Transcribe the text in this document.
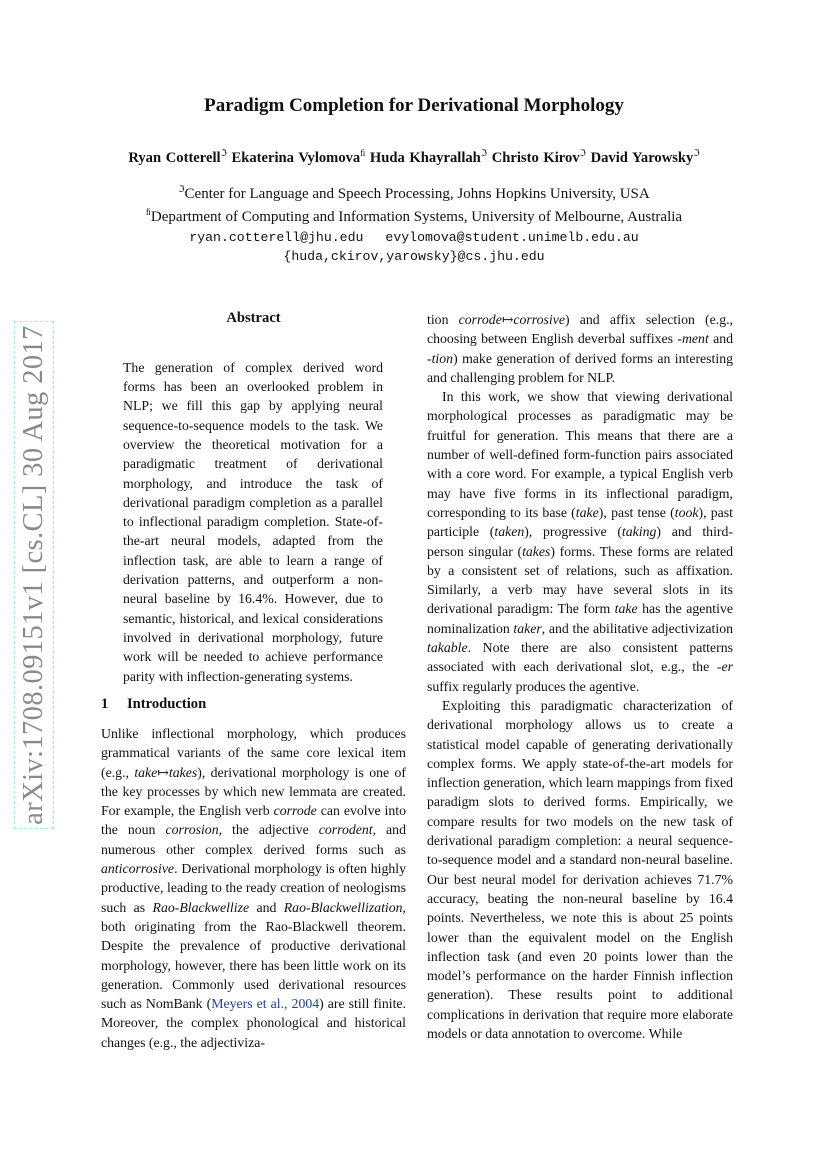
arXiv:1708.09151v1 [cs.CL] 30 Aug 2017
Paradigm Completion for Derivational Morphology
Ryan Cotterell$^ℑ$ Ekaterina Vylomova$^ﬁ$ Huda Khayrallah$^ℑ$ Christo Kirov$^ℑ$ David Yarowsky$^ℑ$
$^ℑ$Center for Language and Speech Processing, Johns Hopkins University, USA
$^ﬁ$Department of Computing and Information Systems, University of Melbourne, Australia
ryan.cotterell@jhu.edu evylomova@student.unimelb.edu.au
{huda,ckirov,yarowsky}@cs.jhu.edu
Abstract

The generation of complex derived word forms has been an overlooked problem in NLP; we fill this gap by applying neural sequence-to-sequence models to the task. We overview the theoretical motivation for a paradigmatic treatment of derivational morphology, and introduce the task of derivational paradigm completion as a parallel to inflectional paradigm completion. State-of-the-art neural models, adapted from the inflection task, are able to learn a range of derivation patterns, and outperform a non-neural baseline by 16.4%. However, due to semantic, historical, and lexical considerations involved in derivational morphology, future work will be needed to achieve performance parity with inflection-generating systems.

1 Introduction

Unlike inflectional morphology, which produces grammatical variants of the same core lexical item (e.g., take↦takes), derivational morphology is one of the key processes by which new lemmata are created. For example, the English verb corrode can evolve into the noun corrosion, the adjective corrodent, and numerous other complex derived forms such as anticorrosive. Derivational morphology is often highly productive, leading to the ready creation of neologisms such as Rao-Blackwellize and Rao-Blackwellization, both originating from the Rao-Blackwell theorem. Despite the prevalence of productive derivational morphology, however, there has been little work on its generation. Commonly used derivational resources such as NomBank (Meyers et al., 2004) are still finite. Moreover, the complex phonological and historical changes (e.g., the adjectiviza-

tion corrode↦corrosive) and affix selection (e.g., choosing between English deverbal suffixes -ment and -tion) make generation of derived forms an interesting and challenging problem for NLP.

In this work, we show that viewing derivational morphological processes as paradigmatic may be fruitful for generation. This means that there are a number of well-defined form-function pairs associated with a core word. For example, a typical English verb may have five forms in its inflectional paradigm, corresponding to its base (take), past tense (took), past participle (taken), progressive (taking) and third-person singular (takes) forms. These forms are related by a consistent set of relations, such as affixation. Similarly, a verb may have several slots in its derivational paradigm: The form take has the agentive nominalization taker, and the abilitative adjectivization takable. Note there are also consistent patterns associated with each derivational slot, e.g., the -er suffix regularly produces the agentive.

Exploiting this paradigmatic characterization of derivational morphology allows us to create a statistical model capable of generating derivationally complex forms. We apply state-of-the-art models for inflection generation, which learn mappings from fixed paradigm slots to derived forms. Empirically, we compare results for two models on the new task of derivational paradigm completion: a neural sequence-to-sequence model and a standard non-neural baseline. Our best neural model for derivation achieves 71.7% accuracy, beating the non-neural baseline by 16.4 points. Nevertheless, we note this is about 25 points lower than the equivalent model on the English inflection task (and even 20 points lower than the model’s performance on the harder Finnish inflection generation). These results point to additional complications in derivation that require more elaborate models or data annotation to overcome. While
